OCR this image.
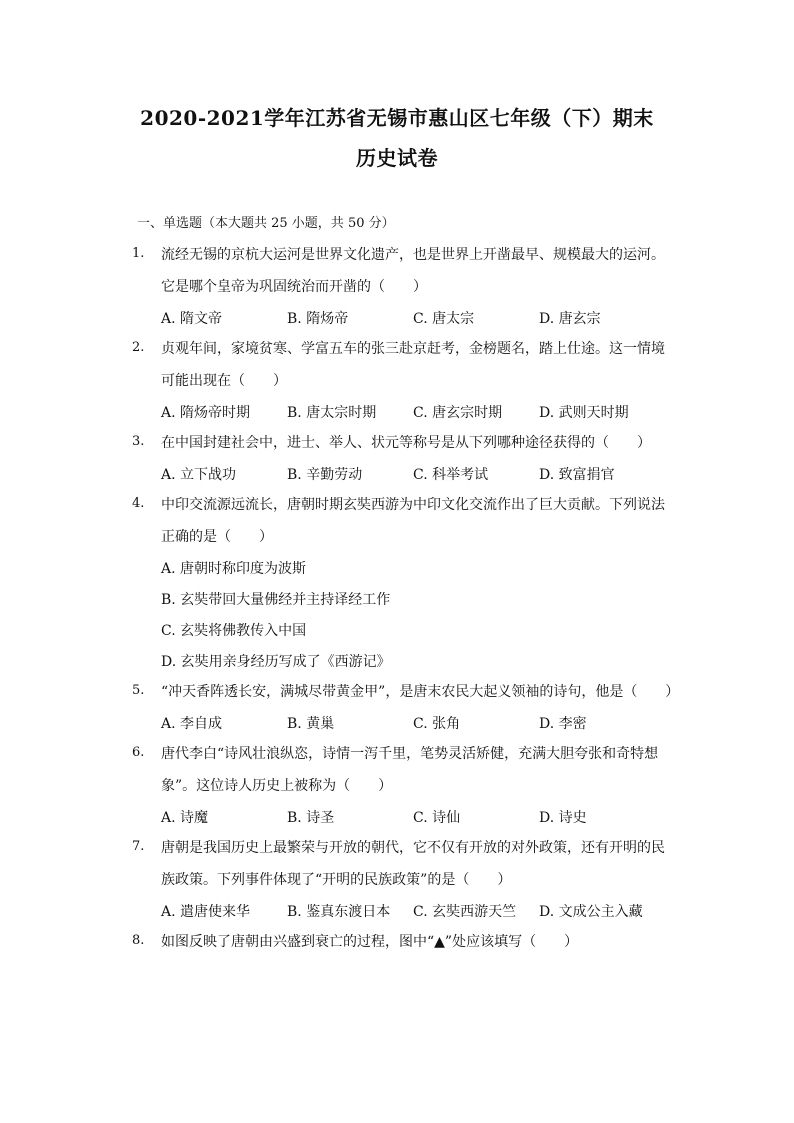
2020-2021学年江苏省无锡市惠山区七年级（下）期末
历史试卷
一、单选题（本大题共 25 小题，共 50 分）
1. 流经无锡的京杭大运河是世界文化遗产，也是世界上开凿最早、规模最大的运河。
它是哪个皇帝为巩固统治而开凿的（　　）
A. 隋文帝	B. 隋炀帝	C. 唐太宗	D. 唐玄宗
2. 贞观年间，家境贫寒、学富五车的张三赴京赶考，金榜题名，踏上仕途。这一情境
可能出现在（　　）
A. 隋炀帝时期	B. 唐太宗时期	C. 唐玄宗时期	D. 武则天时期
3. 在中国封建社会中，进士、举人、状元等称号是从下列哪种途径获得的（　　）
A. 立下战功	B. 辛勤劳动	C. 科举考试	D. 致富捐官
4. 中印交流源远流长，唐朝时期玄奘西游为中印文化交流作出了巨大贡献。下列说法
正确的是（　　）
A. 唐朝时称印度为波斯
B. 玄奘带回大量佛经并主持译经工作
C. 玄奘将佛教传入中国
D. 玄奘用亲身经历写成了《西游记》
5. “冲天香阵透长安，满城尽带黄金甲”，是唐末农民大起义领袖的诗句，他是（　　）
A. 李自成	B. 黄巢	C. 张角	D. 李密
6. 唐代李白“诗风壮浪纵恣，诗情一泻千里，笔势灵活矫健，充满大胆夸张和奇特想
象”。这位诗人历史上被称为（　　）
A. 诗魔	B. 诗圣	C. 诗仙	D. 诗史
7. 唐朝是我国历史上最繁荣与开放的朝代，它不仅有开放的对外政策，还有开明的民
族政策。下列事件体现了“开明的民族政策”的是（　　）
A. 遣唐使来华	B. 鉴真东渡日本 C. 玄奘西游天竺 D. 文成公主入藏
8. 如图反映了唐朝由兴盛到衰亡的过程，图中“▲”处应该填写（　　）
